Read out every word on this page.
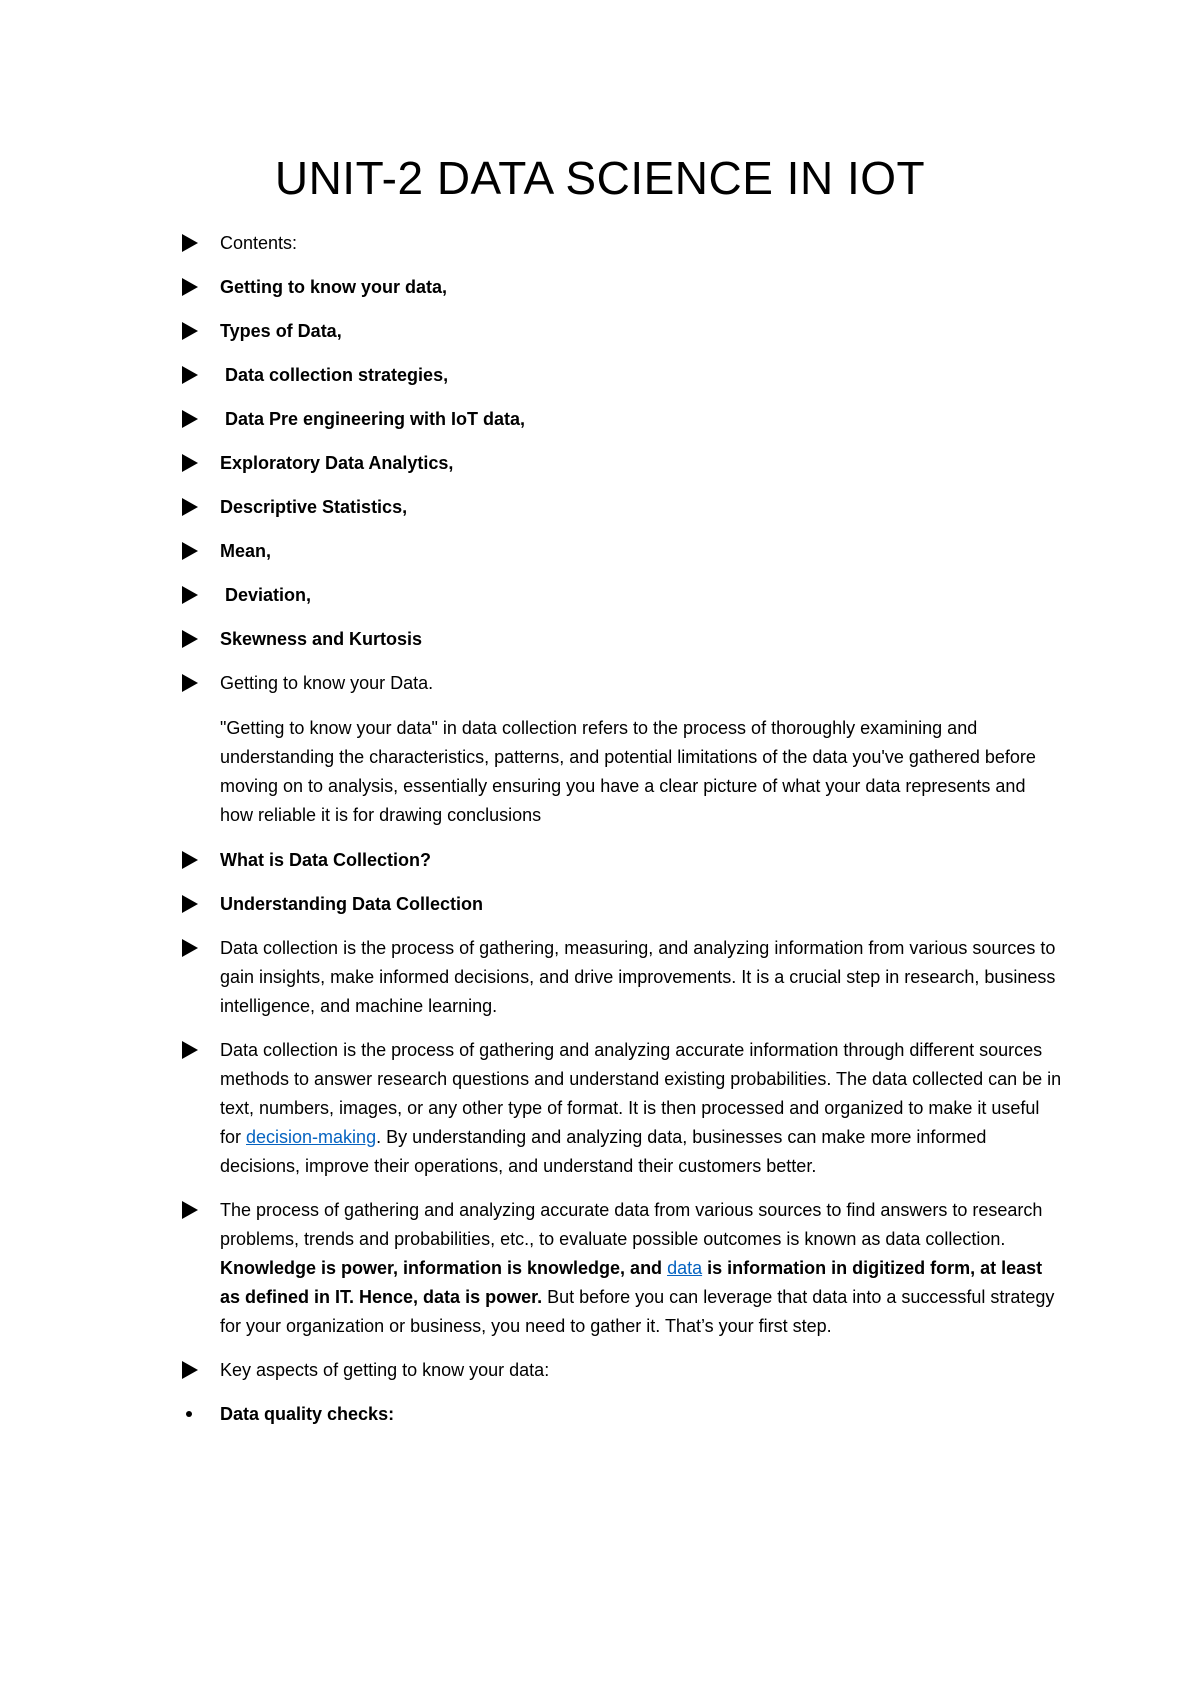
UNIT-2 DATA SCIENCE IN IOT
Contents:
Getting to know your data,
Types of Data,
Data collection strategies,
Data Pre engineering with IoT data,
Exploratory Data Analytics,
Descriptive Statistics,
Mean,
Deviation,
Skewness and Kurtosis
Getting to know your Data.
"Getting to know your data" in data collection refers to the process of thoroughly examining and understanding the characteristics, patterns, and potential limitations of the data you've gathered before moving on to analysis, essentially ensuring you have a clear picture of what your data represents and how reliable it is for drawing conclusions
What is Data Collection?
Understanding Data Collection
Data collection is the process of gathering, measuring, and analyzing information from various sources to gain insights, make informed decisions, and drive improvements. It is a crucial step in research, business intelligence, and machine learning.
Data collection is the process of gathering and analyzing accurate information through different sources methods to answer research questions and understand existing probabilities. The data collected can be in text, numbers, images, or any other type of format. It is then processed and organized to make it useful for decision-making. By understanding and analyzing data, businesses can make more informed decisions, improve their operations, and understand their customers better.
The process of gathering and analyzing accurate data from various sources to find answers to research problems, trends and probabilities, etc., to evaluate possible outcomes is known as data collection.
Knowledge is power, information is knowledge, and data is information in digitized form, at least as defined in IT. Hence, data is power. But before you can leverage that data into a successful strategy for your organization or business, you need to gather it. That’s your first step.
Key aspects of getting to know your data:
Data quality checks:
